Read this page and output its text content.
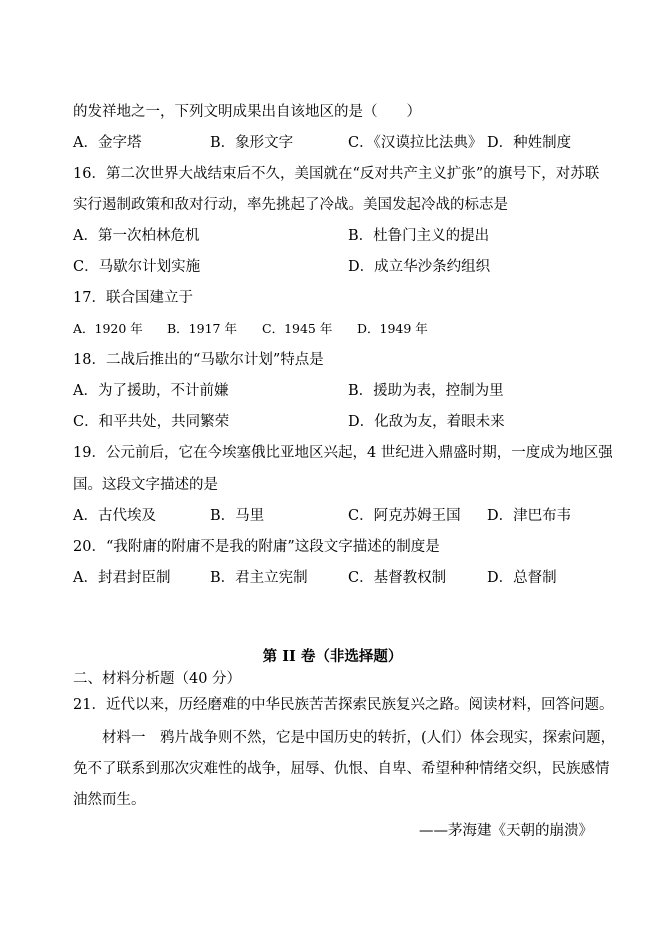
的发祥地之一，下列文明成果出自该地区的是（　　）
A．金字塔	B．象形文字	C．《汉谟拉比法典》 D．种姓制度
16．第二次世界大战结束后不久，美国就在“反对共产主义扩张”的旗号下，对苏联
实行遏制政策和敌对行动，率先挑起了冷战。美国发起冷战的标志是
A．第一次柏林危机	B．杜鲁门主义的提出
C．马歇尔计划实施	D．成立华沙条约组织
17．联合国建立于
A．1920 年 B．1917 年 C．1945 年 D．1949 年
18．二战后推出的“马歇尔计划”特点是
A．为了援助，不计前嫌	B．援助为表，控制为里
C．和平共处，共同繁荣	D．化敌为友，着眼未来
19．公元前后，它在今埃塞俄比亚地区兴起，4 世纪进入鼎盛时期，一度成为地区强
国。这段文字描述的是
A．古代埃及	B．马里	C．阿克苏姆王国 D．津巴布韦
20．“我附庸的附庸不是我的附庸”这段文字描述的制度是
A．封君封臣制	B．君主立宪制	C．基督教权制	D．总督制
第 II 卷（非选择题）
二、材料分析题（40 分）
21．近代以来，历经磨难的中华民族苦苦探索民族复兴之路。阅读材料，回答问题。
材料一　鸦片战争则不然，它是中国历史的转折，(人们）体会现实，探索问题，
免不了联系到那次灾难性的战争，屈辱、仇恨、自卑、希望种种情绪交织，民族感情
油然而生。
——茅海建《天朝的崩溃》
